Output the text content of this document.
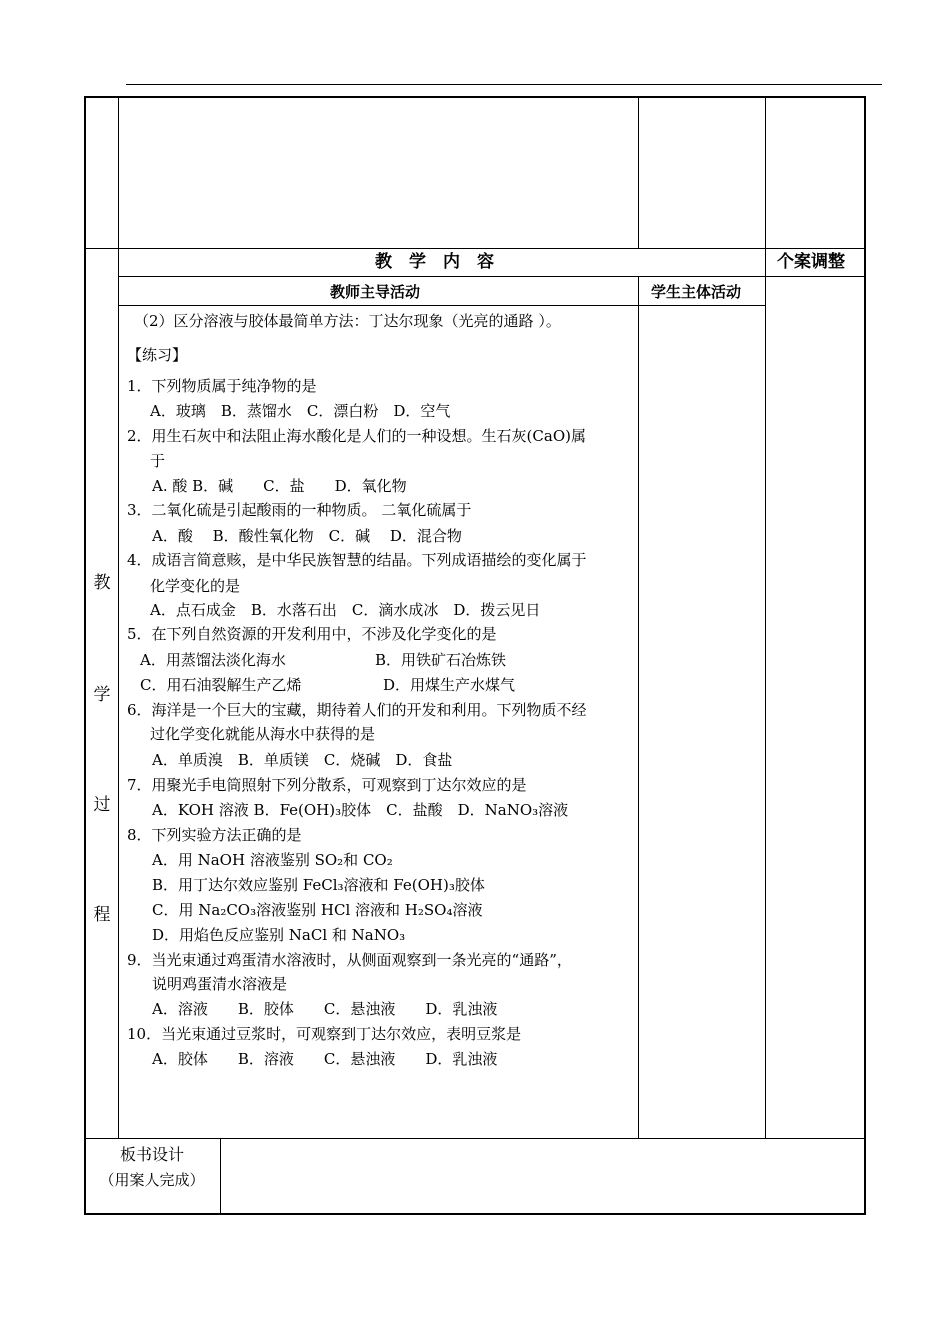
教　学　内　容	个案调整
教师主导活动	学生主体活动
教
学
过
程
（2）区分溶液与胶体最简单方法：丁达尔现象（光亮的通路 ）。
【练习】
1．下列物质属于纯净物的是
A．玻璃　B．蒸馏水　C．漂白粉　D．空气
2．用生石灰中和法阻止海水酸化是人们的一种设想。生石灰(CaO)属
于
A. 酸 B．碱　　C．盐　　D．氧化物
3．二氧化硫是引起酸雨的一种物质。 二氧化硫属于
A．酸　 B．酸性氧化物　C．碱　 D．混合物
4．成语言简意赅，是中华民族智慧的结晶。下列成语描绘的变化属于
化学变化的是
A．点石成金　B．水落石出　C．滴水成冰　D．拨云见日
5．在下列自然资源的开发利用中，不涉及化学变化的是
A．用蒸馏法淡化海水	B．用铁矿石冶炼铁
C．用石油裂解生产乙烯	D．用煤生产水煤气
6．海洋是一个巨大的宝藏，期待着人们的开发和利用。下列物质不经
过化学变化就能从海水中获得的是
A．单质溴　B．单质镁　C．烧碱　D．食盐
7．用聚光手电筒照射下列分散系，可观察到丁达尔效应的是
A．KOH 溶液 B．Fe(OH)₃胶体　C．盐酸　D．NaNO₃溶液
8．下列实验方法正确的是
A．用 NaOH 溶液鉴别 SO₂和 CO₂
B．用丁达尔效应鉴别 FeCl₃溶液和 Fe(OH)₃胶体
C．用 Na₂CO₃溶液鉴别 HCl 溶液和 H₂SO₄溶液
D．用焰色反应鉴别 NaCl 和 NaNO₃
9．当光束通过鸡蛋清水溶液时，从侧面观察到一条光亮的“通路”，
说明鸡蛋清水溶液是
A．溶液　　B．胶体　　C．悬浊液　　D．乳浊液
10．当光束通过豆浆时，可观察到丁达尔效应，表明豆浆是
A．胶体　　B．溶液　　C．悬浊液　　D．乳浊液
板书设计
（用案人完成）
